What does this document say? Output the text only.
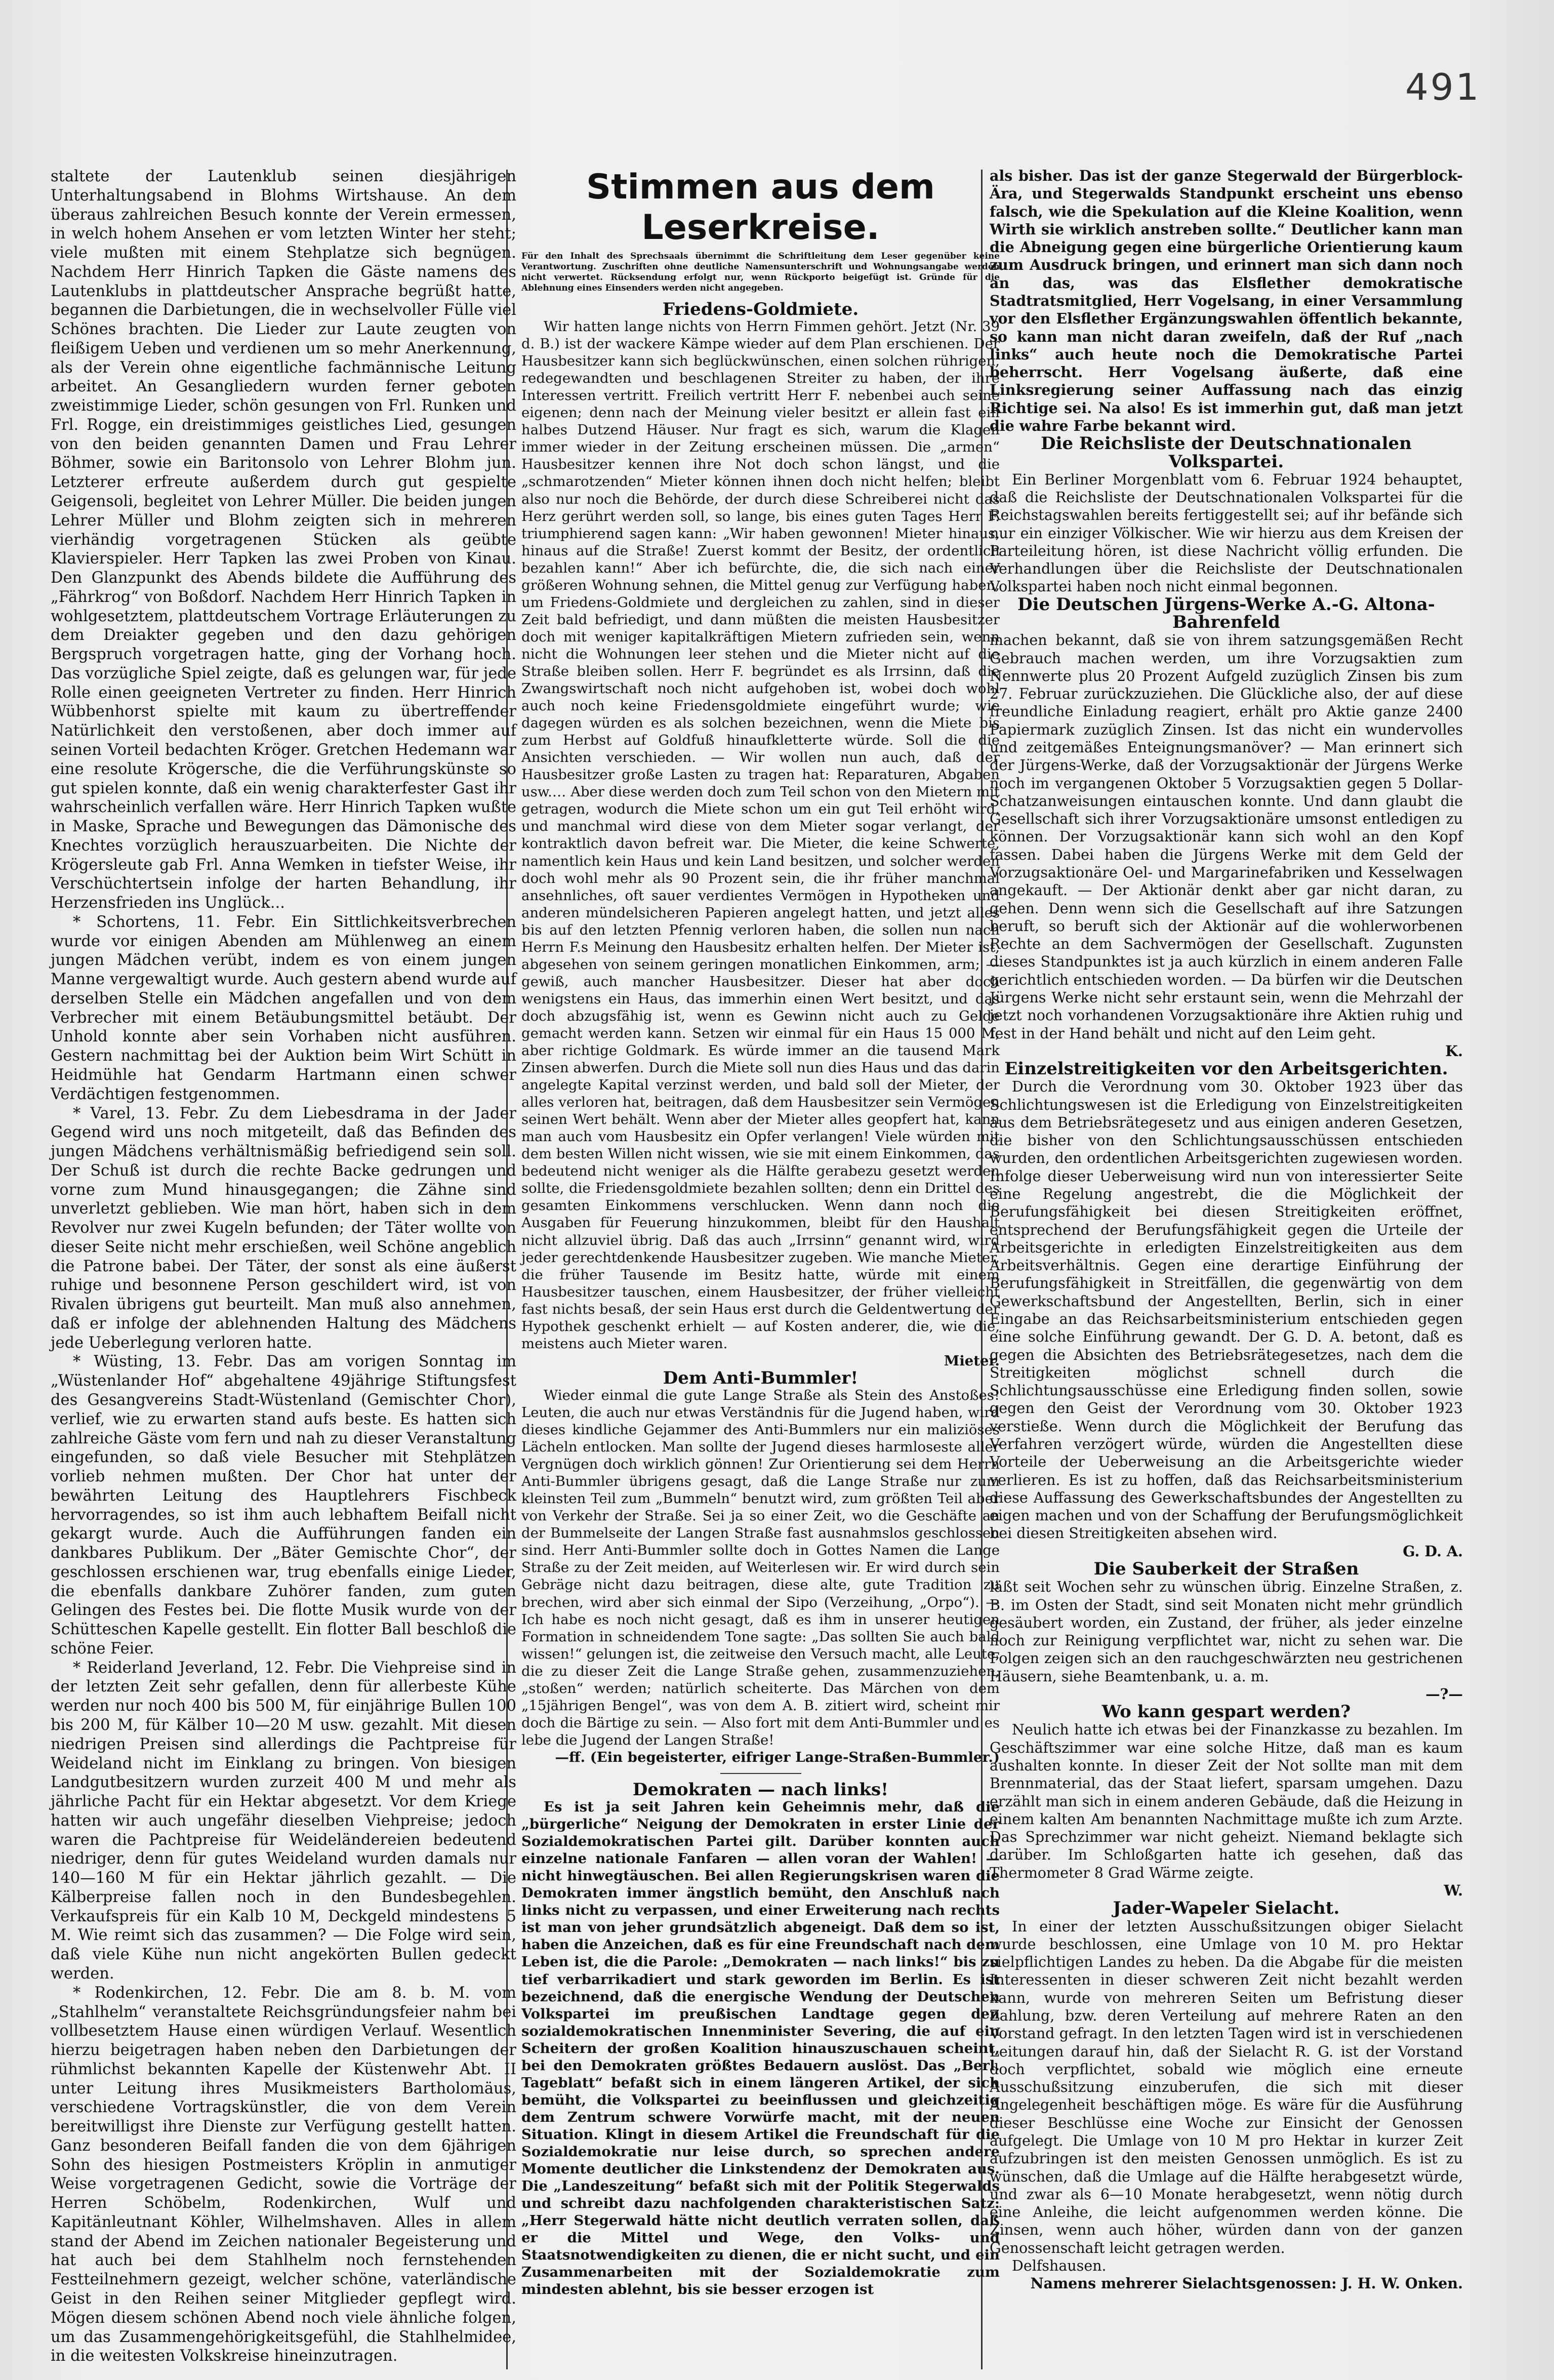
491

staltete der Lautenklub seinen diesjährigen Unterhaltungsabend in Blohms Wirtshause. An dem überaus zahlreichen Besuch konnte der Verein ermessen, in welch hohem Ansehen er vom letzten Winter her steht; viele mußten mit einem Stehplatze sich begnügen. Nachdem Herr Hinrich Tapken die Gäste namens des Lautenklubs in plattdeutscher Ansprache begrüßt hatte, begannen die Darbietungen, die in wechselvoller Fülle viel Schönes brachten. Die Lieder zur Laute zeugten von fleißigem Ueben und verdienen um so mehr Anerkennung, als der Verein ohne eigentliche fachmännische Leitung arbeitet. An Gesangliedern wurden ferner geboten zweistimmige Lieder, schön gesungen von Frl. Runken und Frl. Rogge, ein dreistimmiges geistliches Lied, gesungen von den beiden genannten Damen und Frau Lehrer Böhmer, sowie ein Baritonsolo von Lehrer Blohm jun. Letzterer erfreute außerdem durch gut gespielte Geigensoli, begleitet von Lehrer Müller. Die beiden jungen Lehrer Müller und Blohm zeigten sich in mehreren vierhändig vorgetragenen Stücken als geübte Klavierspieler. Herr Tapken las zwei Proben von Kinau. Den Glanzpunkt des Abends bildete die Aufführung des „Fährkrog“ von Boßdorf. Nachdem Herr Hinrich Tapken in wohlgesetztem, plattdeutschem Vortrage Erläuterungen zu dem Dreiakter gegeben und den dazu gehörigen Bergspruch vorgetragen hatte, ging der Vorhang hoch. Das vorzügliche Spiel zeigte, daß es gelungen war, für jede Rolle einen geeigneten Vertreter zu finden. Herr Hinrich Wübbenhorst spielte mit kaum zu übertreffender Natürlichkeit den verstoßenen, aber doch immer auf seinen Vorteil bedachten Kröger. Gretchen Hedemann war eine resolute Krögersche, die die Verführungskünste so gut spielen konnte, daß ein wenig charakterfester Gast ihr wahrscheinlich verfallen wäre. Herr Hinrich Tapken wußte in Maske, Sprache und Bewegungen das Dämonische des Knechtes vorzüglich herauszuarbeiten. Die Nichte der Krögersleute gab Frl. Anna Wemken in tiefster Weise, ihr Verschüchtertsein infolge der harten Behandlung, ihr Herzensfrieden ins Unglück...

* Schortens, 11. Febr. Ein Sittlichkeitsverbrechen wurde vor einigen Abenden am Mühlenweg an einem jungen Mädchen verübt, indem es von einem jungen Manne vergewaltigt wurde. Auch gestern abend wurde auf derselben Stelle ein Mädchen angefallen und von dem Verbrecher mit einem Betäubungsmittel betäubt. Der Unhold konnte aber sein Vorhaben nicht ausführen. Gestern nachmittag bei der Auktion beim Wirt Schütt in Heidmühle hat Gendarm Hartmann einen schwer Verdächtigen festgenommen.

* Varel, 13. Febr. Zu dem Liebesdrama in der Jader Gegend wird uns noch mitgeteilt, daß das Befinden des jungen Mädchens verhältnismäßig befriedigend sein soll. Der Schuß ist durch die rechte Backe gedrungen und vorne zum Mund hinausgegangen; die Zähne sind unverletzt geblieben. Wie man hört, haben sich in dem Revolver nur zwei Kugeln befunden; der Täter wollte von dieser Seite nicht mehr erschießen, weil Schöne angeblich die Patrone babei. Der Täter, der sonst als eine äußerst ruhige und besonnene Person geschildert wird, ist von Rivalen übrigens gut beurteilt. Man muß also annehmen, daß er infolge der ablehnenden Haltung des Mädchens jede Ueberlegung verloren hatte.

* Wüsting, 13. Febr. Das am vorigen Sonntag im „Wüstenlander Hof“ abgehaltene 49jährige Stiftungsfest des Gesangvereins Stadt-Wüstenland (Gemischter Chor), verlief, wie zu erwarten stand aufs beste. Es hatten sich zahlreiche Gäste vom fern und nah zu dieser Veranstaltung eingefunden, so daß viele Besucher mit Stehplätzen vorlieb nehmen mußten. Der Chor hat unter der bewährten Leitung des Hauptlehrers Fischbeck hervorragendes, so ist ihm auch lebhaftem Beifall nicht gekargt wurde. Auch die Aufführungen fanden ein dankbares Publikum. Der „Bäter Gemischte Chor“, der geschlossen erschienen war, trug ebenfalls einige Lieder, die ebenfalls dankbare Zuhörer fanden, zum guten Gelingen des Festes bei. Die flotte Musik wurde von der Schütteschen Kapelle gestellt. Ein flotter Ball beschloß die schöne Feier.

* Reiderland Jeverland, 12. Febr. Die Viehpreise sind in der letzten Zeit sehr gefallen, denn für allerbeste Kühe werden nur noch 400 bis 500 M, für einjährige Bullen 100 bis 200 M, für Kälber 10—20 M usw. gezahlt. Mit diesen niedrigen Preisen sind allerdings die Pachtpreise für Weideland nicht im Einklang zu bringen. Von biesigen Landgutbesitzern wurden zurzeit 400 M und mehr als jährliche Pacht für ein Hektar abgesetzt. Vor dem Kriege hatten wir auch ungefähr dieselben Viehpreise; jedoch waren die Pachtpreise für Weideländereien bedeutend niedriger, denn für gutes Weideland wurden damals nur 140—160 M für ein Hektar jährlich gezahlt. — Die Kälberpreise fallen noch in den Bundesbegehlen. Verkaufspreis für ein Kalb 10 M, Deckgeld mindestens 5 M. Wie reimt sich das zusammen? — Die Folge wird sein, daß viele Kühe nun nicht angekörten Bullen gedeckt werden.

* Rodenkirchen, 12. Febr. Die am 8. b. M. vom „Stahlhelm“ veranstaltete Reichsgründungsfeier nahm bei vollbesetztem Hause einen würdigen Verlauf. Wesentlich hierzu beigetragen haben neben den Darbietungen der rühmlichst bekannten Kapelle der Küstenwehr Abt. II unter Leitung ihres Musikmeisters Bartholomäus, verschiedene Vortragskünstler, die von dem Verein bereitwilligst ihre Dienste zur Verfügung gestellt hatten. Ganz besonderen Beifall fanden die von dem 6jährigen Sohn des hiesigen Postmeisters Kröplin in anmutiger Weise vorgetragenen Gedicht, sowie die Vorträge der Herren Schöbelm, Rodenkirchen, Wulf und Kapitänleutnant Köhler, Wilhelmshaven. Alles in allem stand der Abend im Zeichen nationaler Begeisterung und hat auch bei dem Stahlhelm noch fernstehenden Festteilnehmern gezeigt, welcher schöne, vaterländische Geist in den Reihen seiner Mitglieder gepflegt wird. Mögen diesem schönen Abend noch viele ähnliche folgen, um das Zusammengehörigkeitsgefühl, die Stahlhelmidee, in die weitesten Volkskreise hineinzutragen.

Stimmen aus dem Leserkreise.
Für den Inhalt des Sprechsaals übernimmt die Schriftleitung dem Leser gegenüber keine Verantwortung. Zuschriften ohne deutliche Namensunterschrift und Wohnungsangabe werden nicht verwertet. Rücksendung erfolgt nur, wenn Rückporto beigefügt ist. Gründe für die Ablehnung eines Einsenders werden nicht angegeben.

Friedens-Goldmiete.

Wir hatten lange nichts von Herrn Fimmen gehört. Jetzt (Nr. 39 d. B.) ist der wackere Kämpe wieder auf dem Plan erschienen. Der Hausbesitzer kann sich beglückwünschen, einen solchen rührigen, redegewandten und beschlagenen Streiter zu haben, der ihre Interessen vertritt. Freilich vertritt Herr F. nebenbei auch seine eigenen; denn nach der Meinung vieler besitzt er allein fast ein halbes Dutzend Häuser. Nur fragt es sich, warum die Klagen immer wieder in der Zeitung erscheinen müssen. Die „armen“ Hausbesitzer kennen ihre Not doch schon längst, und die „schmarotzenden“ Mieter können ihnen doch nicht helfen; bleibt also nur noch die Behörde, der durch diese Schreiberei nicht das Herz gerührt werden soll, so lange, bis eines guten Tages Herr F. triumphierend sagen kann: „Wir haben gewonnen! Mieter hinaus, hinaus auf die Straße! Zuerst kommt der Besitz, der ordentlich bezahlen kann!“ Aber ich befürchte, die, die sich nach einer größeren Wohnung sehnen, die Mittel genug zur Verfügung haben, um Friedens-Goldmiete und dergleichen zu zahlen, sind in dieser Zeit bald befriedigt, und dann müßten die meisten Hausbesitzer doch mit weniger kapitalkräftigen Mietern zufrieden sein, wenn nicht die Wohnungen leer stehen und die Mieter nicht auf die Straße bleiben sollen. Herr F. begründet es als Irrsinn, daß die Zwangswirtschaft noch nicht aufgehoben ist, wobei doch wohl auch noch keine Friedensgoldmiete eingeführt wurde; wie dagegen würden es als solchen bezeichnen, wenn die Miete bis zum Herbst auf Goldfuß hinaufkletterte würde. Soll die die Ansichten verschieden. — Wir wollen nun auch, daß der Hausbesitzer große Lasten zu tragen hat: Reparaturen, Abgaben usw.… Aber diese werden doch zum Teil schon von den Mietern mit getragen, wodurch die Miete schon um ein gut Teil erhöht wird, und manchmal wird diese von dem Mieter sogar verlangt, der kontraktlich davon befreit war. Die Mieter, die keine Schwerte, namentlich kein Haus und kein Land besitzen, und solcher werden doch wohl mehr als 90 Prozent sein, die ihr früher manchmal ansehnliches, oft sauer verdientes Vermögen in Hypotheken und anderen mündelsicheren Papieren angelegt hatten, und jetzt alles bis auf den letzten Pfennig verloren haben, die sollen nun nach Herrn F.s Meinung den Hausbesitz erhalten helfen. Der Mieter ist, abgesehen von seinem geringen monatlichen Einkommen, arm; — gewiß, auch mancher Hausbesitzer. Dieser hat aber doch wenigstens ein Haus, das immerhin einen Wert besitzt, und das doch abzugsfähig ist, wenn es Gewinn nicht auch zu Gelde gemacht werden kann. Setzen wir einmal für ein Haus 15 000 M, aber richtige Goldmark. Es würde immer an die tausend Mark Zinsen abwerfen. Durch die Miete soll nun dies Haus und das darin angelegte Kapital verzinst werden, und bald soll der Mieter, der alles verloren hat, beitragen, daß dem Hausbesitzer sein Vermögen seinen Wert behält. Wenn aber der Mieter alles geopfert hat, kann man auch vom Hausbesitz ein Opfer verlangen! Viele würden mit dem besten Willen nicht wissen, wie sie mit einem Einkommen, das bedeutend nicht weniger als die Hälfte gerabezu gesetzt werden sollte, die Friedensgoldmiete bezahlen sollten; denn ein Drittel des gesamten Einkommens verschlucken. Wenn dann noch die Ausgaben für Feuerung hinzukommen, bleibt für den Haushalt nicht allzuviel übrig. Daß das auch „Irrsinn“ genannt wird, wird jeder gerechtdenkende Hausbesitzer zugeben. Wie manche Mieter, die früher Tausende im Besitz hatte, würde mit einem Hausbesitzer tauschen, einem Hausbesitzer, der früher vielleicht fast nichts besaß, der sein Haus erst durch die Geldentwertung der Hypothek geschenkt erhielt — auf Kosten anderer, die, wie die, meistens auch Mieter waren.

Mieter.

Dem Anti-Bummler!

Wieder einmal die gute Lange Straße als Stein des Anstoßes! Leuten, die auch nur etwas Verständnis für die Jugend haben, wird dieses kindliche Gejammer des Anti-Bummlers nur ein maliziöses Lächeln entlocken. Man sollte der Jugend dieses harmloseste aller Vergnügen doch wirklich gönnen! Zur Orientierung sei dem Herrn Anti-Bummler übrigens gesagt, daß die Lange Straße nur zum kleinsten Teil zum „Bummeln“ benutzt wird, zum größten Teil aber von Verkehr der Straße. Sei ja so einer Zeit, wo die Geschäfte an der Bummelseite der Langen Straße fast ausnahmslos geschlossen sind. Herr Anti-Bummler sollte doch in Gottes Namen die Lange Straße zu der Zeit meiden, auf Weiterlesen wir. Er wird durch sein Gebräge nicht dazu beitragen, diese alte, gute Tradition zu brechen, wird aber sich einmal der Sipo (Verzeihung, „Orpo“). — Ich habe es noch nicht gesagt, daß es ihm in unserer heutigen Formation in schneidendem Tone sagte: „Das sollten Sie auch bald wissen!“ gelungen ist, die zeitweise den Versuch macht, alle Leute, die zu dieser Zeit die Lange Straße gehen, zusammenzuziehen, „stoßen“ werden; natürlich scheiterte. Das Märchen von dem „15jährigen Bengel“, was von dem A. B. zitiert wird, scheint mir doch die Bärtige zu sein. — Also fort mit dem Anti-Bummler und es lebe die Jugend der Langen Straße!

—ff. (Ein begeisterter, eifriger Lange-Straßen-Bummler.)

Demokraten — nach links!

Es ist ja seit Jahren kein Geheimnis mehr, daß die „bürgerliche“ Neigung der Demokraten in erster Linie der Sozialdemokratischen Partei gilt. Darüber konnten auch einzelne nationale Fanfaren — allen voran der Wahlen! — nicht hinwegtäuschen. Bei allen Regierungskrisen waren die Demokraten immer ängstlich bemüht, den Anschluß nach links nicht zu verpassen, und einer Erweiterung nach rechts ist man von jeher grundsätzlich abgeneigt. Daß dem so ist, haben die Anzeichen, daß es für eine Freundschaft nach dem Leben ist, die die Parole: „Demokraten — nach links!“ bis zu tief verbarrikadiert und stark geworden im Berlin. Es ist bezeichnend, daß die energische Wendung der Deutschen Volkspartei im preußischen Landtage gegen den sozialdemokratischen Innenminister Severing, die auf ein Scheitern der großen Koalition hinauszuschauen scheint, bei den Demokraten größtes Bedauern auslöst. Das „Berl. Tageblatt“ befaßt sich in einem längeren Artikel, der sich bemüht, die Volkspartei zu beeinflussen und gleichzeitig dem Zentrum schwere Vorwürfe macht, mit der neuen Situation. Klingt in diesem Artikel die Freundschaft für die Sozialdemokratie nur leise durch, so sprechen andere Momente deutlicher die Linkstendenz der Demokraten aus. Die „Landeszeitung“ befaßt sich mit der Politik Stegerwalds und schreibt dazu nachfolgenden charakteristischen Satz: „Herr Stegerwald hätte nicht deutlich verraten sollen, daß er die Mittel und Wege, den Volks- und Staatsnotwendigkeiten zu dienen, die er nicht sucht, und ein Zusammenarbeiten mit der Sozialdemokratie zum mindesten ablehnt, bis sie besser erzogen ist

als bisher. Das ist der ganze Stegerwald der Bürgerblock-Ära, und Stegerwalds Standpunkt erscheint uns ebenso falsch, wie die Spekulation auf die Kleine Koalition, wenn Wirth sie wirklich anstreben sollte.“ Deutlicher kann man die Abneigung gegen eine bürgerliche Orientierung kaum zum Ausdruck bringen, und erinnert man sich dann noch an das, was das Elsflether demokratische Stadtratsmitglied, Herr Vogelsang, in einer Versammlung vor den Elsflether Ergänzungswahlen öffentlich bekannte, so kann man nicht daran zweifeln, daß der Ruf „nach links“ auch heute noch die Demokratische Partei beherrscht. Herr Vogelsang äußerte, daß eine Linksregierung seiner Auffassung nach das einzig Richtige sei. Na also! Es ist immerhin gut, daß man jetzt die wahre Farbe bekannt wird.

Die Reichsliste der Deutschnationalen Volkspartei.

Ein Berliner Morgenblatt vom 6. Februar 1924 behauptet, daß die Reichsliste der Deutschnationalen Volkspartei für die Reichstagswahlen bereits fertiggestellt sei; auf ihr befände sich nur ein einziger Völkischer. Wie wir hierzu aus dem Kreisen der Parteileitung hören, ist diese Nachricht völlig erfunden. Die Verhandlungen über die Reichsliste der Deutschnationalen Volkspartei haben noch nicht einmal begonnen.

Die Deutschen Jürgens-Werke A.-G. Altona-Bahrenfeld

machen bekannt, daß sie von ihrem satzungsgemäßen Recht Gebrauch machen werden, um ihre Vorzugsaktien zum Nennwerte plus 20 Prozent Aufgeld zuzüglich Zinsen bis zum 27. Februar zurückzuziehen. Die Glückliche also, der auf diese freundliche Einladung reagiert, erhält pro Aktie ganze 2400 Papiermark zuzüglich Zinsen. Ist das nicht ein wundervolles und zeitgemäßes Enteignungsmanöver? — Man erinnert sich der Jürgens-Werke, daß der Vorzugsaktionär der Jürgens Werke noch im vergangenen Oktober 5 Vorzugsaktien gegen 5 Dollar-Schatzanweisungen eintauschen konnte. Und dann glaubt die Gesellschaft sich ihrer Vorzugsaktionäre umsonst entledigen zu können. Der Vorzugsaktionär kann sich wohl an den Kopf fassen. Dabei haben die Jürgens Werke mit dem Geld der Vorzugsaktionäre Oel- und Margarinefabriken und Kesselwagen angekauft. — Der Aktionär denkt aber gar nicht daran, zu gehen. Denn wenn sich die Gesellschaft auf ihre Satzungen beruft, so beruft sich der Aktionär auf die wohlerworbenen Rechte an dem Sachvermögen der Gesellschaft. Zugunsten dieses Standpunktes ist ja auch kürzlich in einem anderen Falle gerichtlich entschieden worden. — Da bürfen wir die Deutschen Jürgens Werke nicht sehr erstaunt sein, wenn die Mehrzahl der jetzt noch vorhandenen Vorzugsaktionäre ihre Aktien ruhig und fest in der Hand behält und nicht auf den Leim geht.

K.

Einzelstreitigkeiten vor den Arbeitsgerichten.

Durch die Verordnung vom 30. Oktober 1923 über das Schlichtungswesen ist die Erledigung von Einzelstreitigkeiten aus dem Betriebsrätegesetz und aus einigen anderen Gesetzen, die bisher von den Schlichtungsausschüssen entschieden wurden, den ordentlichen Arbeitsgerichten zugewiesen worden. Infolge dieser Ueberweisung wird nun von interessierter Seite eine Regelung angestrebt, die die Möglichkeit der Berufungsfähigkeit bei diesen Streitigkeiten eröffnet, entsprechend der Berufungsfähigkeit gegen die Urteile der Arbeitsgerichte in erledigten Einzelstreitigkeiten aus dem Arbeitsverhältnis. Gegen eine derartige Einführung der Berufungsfähigkeit in Streitfällen, die gegenwärtig von dem Gewerkschaftsbund der Angestellten, Berlin, sich in einer Eingabe an das Reichsarbeitsministerium entschieden gegen eine solche Einführung gewandt. Der G. D. A. betont, daß es gegen die Absichten des Betriebsrätegesetzes, nach dem die Streitigkeiten möglichst schnell durch die Schlichtungsausschüsse eine Erledigung finden sollen, sowie gegen den Geist der Verordnung vom 30. Oktober 1923 verstieße. Wenn durch die Möglichkeit der Berufung das Verfahren verzögert würde, würden die Angestellten diese Vorteile der Ueberweisung an die Arbeitsgerichte wieder verlieren. Es ist zu hoffen, daß das Reichsarbeitsministerium diese Auffassung des Gewerkschaftsbundes der Angestellten zu eigen machen und von der Schaffung der Berufungsmöglichkeit bei diesen Streitigkeiten absehen wird.

G. D. A.

Die Sauberkeit der Straßen

läßt seit Wochen sehr zu wünschen übrig. Einzelne Straßen, z. B. im Osten der Stadt, sind seit Monaten nicht mehr gründlich gesäubert worden, ein Zustand, der früher, als jeder einzelne noch zur Reinigung verpflichtet war, nicht zu sehen war. Die Folgen zeigen sich an den rauchgeschwärzten neu gestrichenen Häusern, siehe Beamtenbank, u. a. m.

—?—

Wo kann gespart werden?

Neulich hatte ich etwas bei der Finanzkasse zu bezahlen. Im Geschäftszimmer war eine solche Hitze, daß man es kaum aushalten konnte. In dieser Zeit der Not sollte man mit dem Brennmaterial, das der Staat liefert, sparsam umgehen. Dazu erzählt man sich in einem anderen Gebäude, daß die Heizung in einem kalten Am benannten Nachmittage mußte ich zum Arzte. Das Sprechzimmer war nicht geheizt. Niemand beklagte sich darüber. Im Schloßgarten hatte ich gesehen, daß das Thermometer 8 Grad Wärme zeigte.

W.

Jader-Wapeler Sielacht.

In einer der letzten Ausschußsitzungen obiger Sielacht wurde beschlossen, eine Umlage von 10 M. pro Hektar sielpflichtigen Landes zu heben. Da die Abgabe für die meisten Interessenten in dieser schweren Zeit nicht bezahlt werden kann, wurde von mehreren Seiten um Befristung dieser Zahlung, bzw. deren Verteilung auf mehrere Raten an den Vorstand gefragt. In den letzten Tagen wird ist in verschiedenen Leitungen darauf hin, daß der Sielacht R. G. ist der Vorstand doch verpflichtet, sobald wie möglich eine erneute Ausschußsitzung einzuberufen, die sich mit dieser Angelegenheit beschäftigen möge. Es wäre für die Ausführung dieser Beschlüsse eine Woche zur Einsicht der Genossen aufgelegt. Die Umlage von 10 M pro Hektar in kurzer Zeit aufzubringen ist den meisten Genossen unmöglich. Es ist zu wünschen, daß die Umlage auf die Hälfte herabgesetzt würde, und zwar als 6—10 Monate herabgesetzt, wenn nötig durch eine Anleihe, die leicht aufgenommen werden könne. Die Zinsen, wenn auch höher, würden dann von der ganzen Genossenschaft leicht getragen werden.

Delfshausen.

Namens mehrerer Sielachtsgenossen: J. H. W. Onken.
